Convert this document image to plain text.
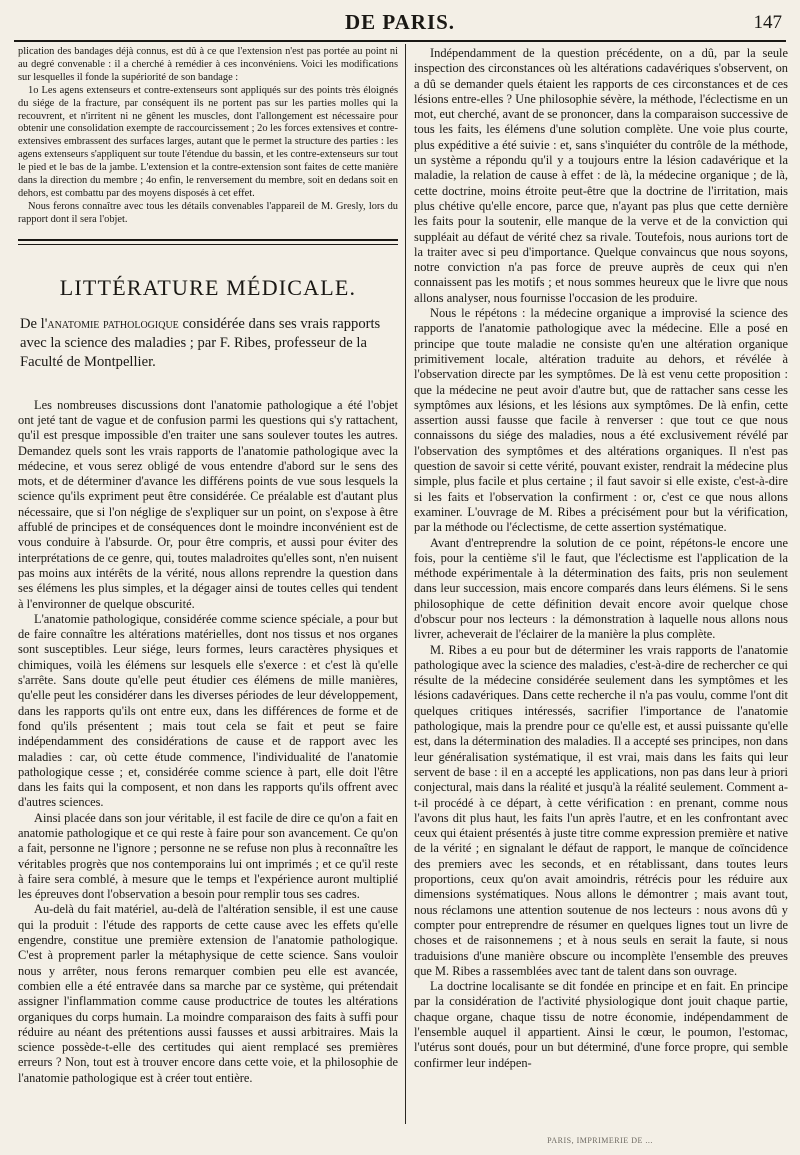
DE PARIS.	147

plication des bandages déjà connus, est dû à ce que l'extension n'est pas portée au point ni au degré convenable : il a cherché à remédier à ces inconvéniens. Voici les modifications sur lesquelles il fonde la supériorité de son bandage :

1o Les agens extenseurs et contre-extenseurs sont appliqués sur des points très éloignés du siége de la fracture, par conséquent ils ne portent pas sur les parties molles qui la recouvrent, et n'irritent ni ne gênent les muscles, dont l'allongement est nécessaire pour obtenir une consolidation exempte de raccourcissement ; 2o les forces extensives et contre-extensives embrassent des surfaces larges, autant que le permet la structure des parties : les agens extenseurs s'appliquent sur toute l'étendue du bassin, et les contre-extenseurs sur tout le pied et le bas de la jambe. L'extension et la contre-extension sont faites de cette manière dans la direction du membre ; 4o enfin, le renversement du membre, soit en dedans soit en dehors, est combattu par des moyens disposés à cet effet.

Nous ferons connaître avec tous les détails convenables l'appareil de M. Gresly, lors du rapport dont il sera l'objet.

LITTÉRATURE MÉDICALE.
De l'anatomie pathologique considérée dans ses vrais rapports avec la science des maladies ; par F. Ribes, professeur de la Faculté de Montpellier.

Les nombreuses discussions dont l'anatomie pathologique a été l'objet ont jeté tant de vague et de confusion parmi les questions qui s'y rattachent, qu'il est presque impossible d'en traiter une sans soulever toutes les autres. Demandez quels sont les vrais rapports de l'anatomie pathologique avec la médecine, et vous serez obligé de vous entendre d'abord sur le sens des mots, et de déterminer d'avance les différens points de vue sous lesquels la science qu'ils expriment peut être considérée. Ce préalable est d'autant plus nécessaire, que si l'on néglige de s'expliquer sur un point, on s'expose à être affublé de principes et de conséquences dont le moindre inconvénient est de vous conduire à l'absurde. Or, pour être compris, et aussi pour éviter des interprétations de ce genre, qui, toutes maladroites qu'elles sont, n'en nuisent pas moins aux intérêts de la vérité, nous allons reprendre la question dans ses élémens les plus simples, et la dégager ainsi de toutes celles qui tendent à l'environner de quelque obscurité.

L'anatomie pathologique, considérée comme science spéciale, a pour but de faire connaître les altérations matérielles, dont nos tissus et nos organes sont susceptibles. Leur siége, leurs formes, leurs caractères physiques et chimiques, voilà les élémens sur lesquels elle s'exerce : et c'est là qu'elle s'arrête. Sans doute qu'elle peut étudier ces élémens de mille manières, qu'elle peut les considérer dans les diverses périodes de leur développement, dans les rapports qu'ils ont entre eux, dans les différences de forme et de fond qu'ils présentent ; mais tout cela se fait et peut se faire indépendamment des considérations de cause et de rapport avec les maladies : car, où cette étude commence, l'individualité de l'anatomie pathologique cesse ; et, considérée comme science à part, elle doit l'être dans les faits qui la composent, et non dans les rapports qu'ils offrent avec d'autres sciences.

Ainsi placée dans son jour véritable, il est facile de dire ce qu'on a fait en anatomie pathologique et ce qui reste à faire pour son avancement. Ce qu'on a fait, personne ne l'ignore ; personne ne se refuse non plus à reconnaître les véritables progrès que nos contemporains lui ont imprimés ; et ce qu'il reste à faire sera comblé, à mesure que le temps et l'expérience auront multiplié les épreuves dont l'observation a besoin pour remplir tous ses cadres.

Au-delà du fait matériel, au-delà de l'altération sensible, il est une cause qui la produit : l'étude des rapports de cette cause avec les effets qu'elle engendre, constitue une première extension de l'anatomie pathologique. C'est à proprement parler la métaphysique de cette science. Sans vouloir nous y arrêter, nous ferons remarquer combien peu elle est avancée, combien elle a été entravée dans sa marche par ce système, qui prétendait assigner l'inflammation comme cause productrice de toutes les altérations organiques du corps humain. La moindre comparaison des faits à suffi pour réduire au néant des prétentions aussi fausses et aussi arbitraires. Mais la science possède-t-elle des certitudes qui aient remplacé ses premières erreurs ? Non, tout est à trouver encore dans cette voie, et la philosophie de l'anatomie pathologique est à créer tout entière.

Indépendamment de la question précédente, on a dû, par la seule inspection des circonstances où les altérations cadavériques s'observent, on a dû se demander quels étaient les rapports de ces circonstances et de ces lésions entre-elles ? Une philosophie sévère, la méthode, l'éclectisme en un mot, eut cherché, avant de se prononcer, dans la comparaison successive de tous les faits, les élémens d'une solution complète. Une voie plus courte, plus expéditive a été suivie : et, sans s'inquiéter du contrôle de la méthode, un système a répondu qu'il y a toujours entre la lésion cadavérique et la maladie, la relation de cause à effet : de là, la médecine organique ; de là, cette doctrine, moins étroite peut-être que la doctrine de l'irritation, mais plus chétive qu'elle encore, parce que, n'ayant pas plus que cette dernière les faits pour la soutenir, elle manque de la verve et de la conviction qui suppléait au défaut de vérité chez sa rivale. Toutefois, nous aurions tort de la traiter avec si peu d'importance. Quelque convaincus que nous soyons, notre conviction n'a pas force de preuve auprès de ceux qui n'en connaissent pas les motifs ; et nous sommes heureux que le livre que nous allons analyser, nous fournisse l'occasion de les produire.

Nous le répétons : la médecine organique a improvisé la science des rapports de l'anatomie pathologique avec la médecine. Elle a posé en principe que toute maladie ne consiste qu'en une altération organique primitivement locale, altération traduite au dehors, et révélée à l'observation directe par les symptômes. De là est venu cette proposition : que la médecine ne peut avoir d'autre but, que de rattacher sans cesse les symptômes aux lésions, et les lésions aux symptômes. De là enfin, cette assertion aussi fausse que facile à renverser : que tout ce que nous connaissons du siége des maladies, nous a été exclusivement révélé par l'observation des symptômes et des altérations organiques. Il n'est pas question de savoir si cette vérité, pouvant exister, rendrait la médecine plus simple, plus facile et plus certaine ; il faut savoir si elle existe, c'est-à-dire si les faits et l'observation la confirment : or, c'est ce que nous allons examiner. L'ouvrage de M. Ribes a précisément pour but la vérification, par la méthode ou l'éclectisme, de cette assertion systématique.

Avant d'entreprendre la solution de ce point, répétons-le encore une fois, pour la centième s'il le faut, que l'éclectisme est l'application de la méthode expérimentale à la détermination des faits, pris non seulement dans leur succession, mais encore comparés dans leurs élémens. Si le sens philosophique de cette définition devait encore avoir quelque chose d'obscur pour nos lecteurs : la démonstration à laquelle nous allons nous livrer, acheverait de l'éclairer de la manière la plus complète.

M. Ribes a eu pour but de déterminer les vrais rapports de l'anatomie pathologique avec la science des maladies, c'est-à-dire de rechercher ce qui résulte de la médecine considérée seulement dans les symptômes et les lésions cadavériques. Dans cette recherche il n'a pas voulu, comme l'ont dit quelques critiques intéressés, sacrifier l'importance de l'anatomie pathologique, mais la prendre pour ce qu'elle est, et aussi puissante qu'elle est, dans la détermination des maladies. Il a accepté ses principes, non dans leur généralisation systématique, il est vrai, mais dans les faits qui leur servent de base : il en a accepté les applications, non pas dans leur à priori conjectural, mais dans la réalité et jusqu'à la réalité seulement. Comment a-t-il procédé à ce départ, à cette vérification : en prenant, comme nous l'avons dit plus haut, les faits l'un après l'autre, et en les confrontant avec ceux qui étaient présentés à juste titre comme expression première et native de la vérité ; en signalant le défaut de rapport, le manque de coïncidence des premiers avec les seconds, et en rétablissant, dans toutes leurs proportions, ceux qu'on avait amoindris, rétrécis pour les réduire aux dimensions systématiques. Nous allons le démontrer ; mais avant tout, nous réclamons une attention soutenue de nos lecteurs : nous avons dû y compter pour entreprendre de résumer en quelques lignes tout un livre de choses et de raisonnemens ; et à nous seuls en serait la faute, si nous traduisions d'une manière obscure ou incomplète l'ensemble des preuves que M. Ribes a rassemblées avec tant de talent dans son ouvrage.

La doctrine localisante se dit fondée en principe et en fait. En principe par la considération de l'activité physiologique dont jouit chaque partie, chaque organe, chaque tissu de notre économie, indépendamment de l'ensemble auquel il appartient. Ainsi le cœur, le poumon, l'estomac, l'utérus sont doués, pour un but déterminé, d'une force propre, qui semble confirmer leur indépen-

PARIS, IMPRIMERIE DE ...
